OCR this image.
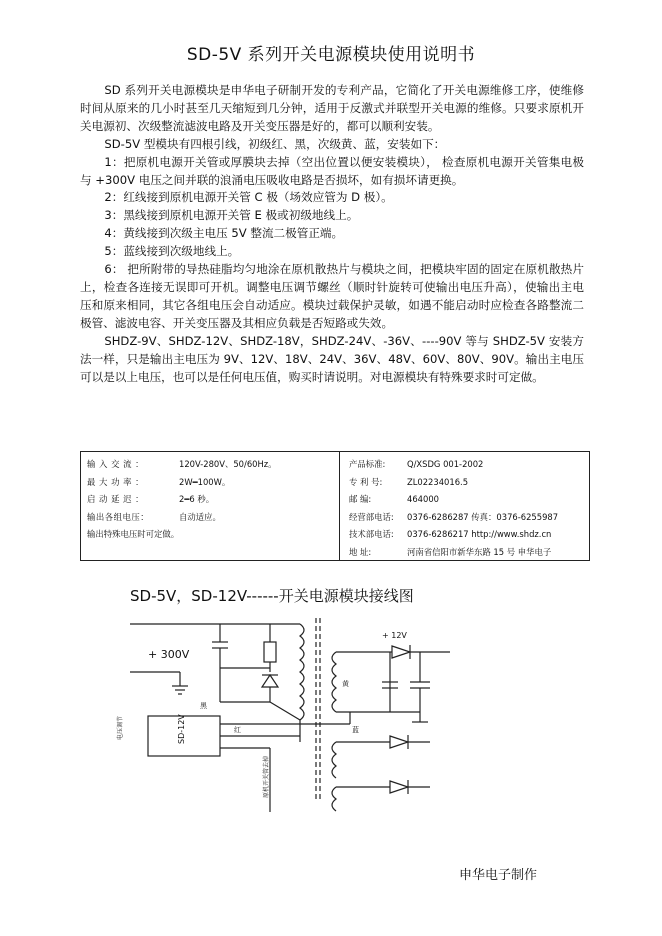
SD-5V 系列开关电源模块使用说明书

SD 系列开关电源模块是申华电子研制开发的专利产品，它简化了开关电源维修工序，使维修时间从原来的几小时甚至几天缩短到几分钟，适用于反激式并联型开关电源的维修。只要求原机开关电源初、次级整流滤波电路及开关变压器是好的，都可以顺利安装。

SD-5V 型模块有四根引线，初级红、黑，次级黄、蓝，安装如下：

1：把原机电源开关管或厚膜块去掉（空出位置以便安装模块）， 检查原机电源开关管集电极与 +300V 电压之间并联的浪涌电压吸收电路是否损坏，如有损坏请更换。

2：红线接到原机电源开关管 C 极（场效应管为 D 极）。

3：黑线接到原机电源开关管 E 极或初级地线上。

4：黄线接到次级主电压 5V 整流二极管正端。

5：蓝线接到次级地线上。

6： 把所附带的导热硅脂均匀地涂在原机散热片与模块之间，把模块牢固的固定在原机散热片上，检查各连接无误即可开机。调整电压调节螺丝（顺时针旋转可使输出电压升高），使输出主电压和原来相同，其它各组电压会自动适应。模块过载保护灵敏，如遇不能启动时应检查各路整流二极管、滤波电容、开关变压器及其相应负载是否短路或失效。

SHDZ-9V、SHDZ-12V、SHDZ-18V，SHDZ-24V、-36V、----90V 等与 SHDZ-5V 安装方法一样，只是输出主电压为 9V、12V、18V、24V、36V、48V、60V、80V、90V。输出主电压可以是以上电压，也可以是任何电压值，购买时请说明。对电源模块有特殊要求时可定做。

输 入 交 流 ：	120V-280V、50/60Hz。
最 大 功 率 ：	2W━100W。
启 动 延 迟 ：	2━6 秒。
输出各组电压：	自动适应。
输出特殊电压时可定做。
产品标准:	Q/XSDG 001-2002
专 利 号:	ZL02234016.5
邮 编:	464000
经营部电话: 0376-6286287 传真：0376-6255987
技术部电话: 0376-6286217 http://www.shdz.cn
地 址:	河南省信阳市新华东路 15 号 申华电子
SD-5V，SD-12V------开关电源模块接线图
+ 300V
+ 12V
SD-12V
电压调节	红
黑
黄
蓝
原机开关管去掉
申华电子制作
